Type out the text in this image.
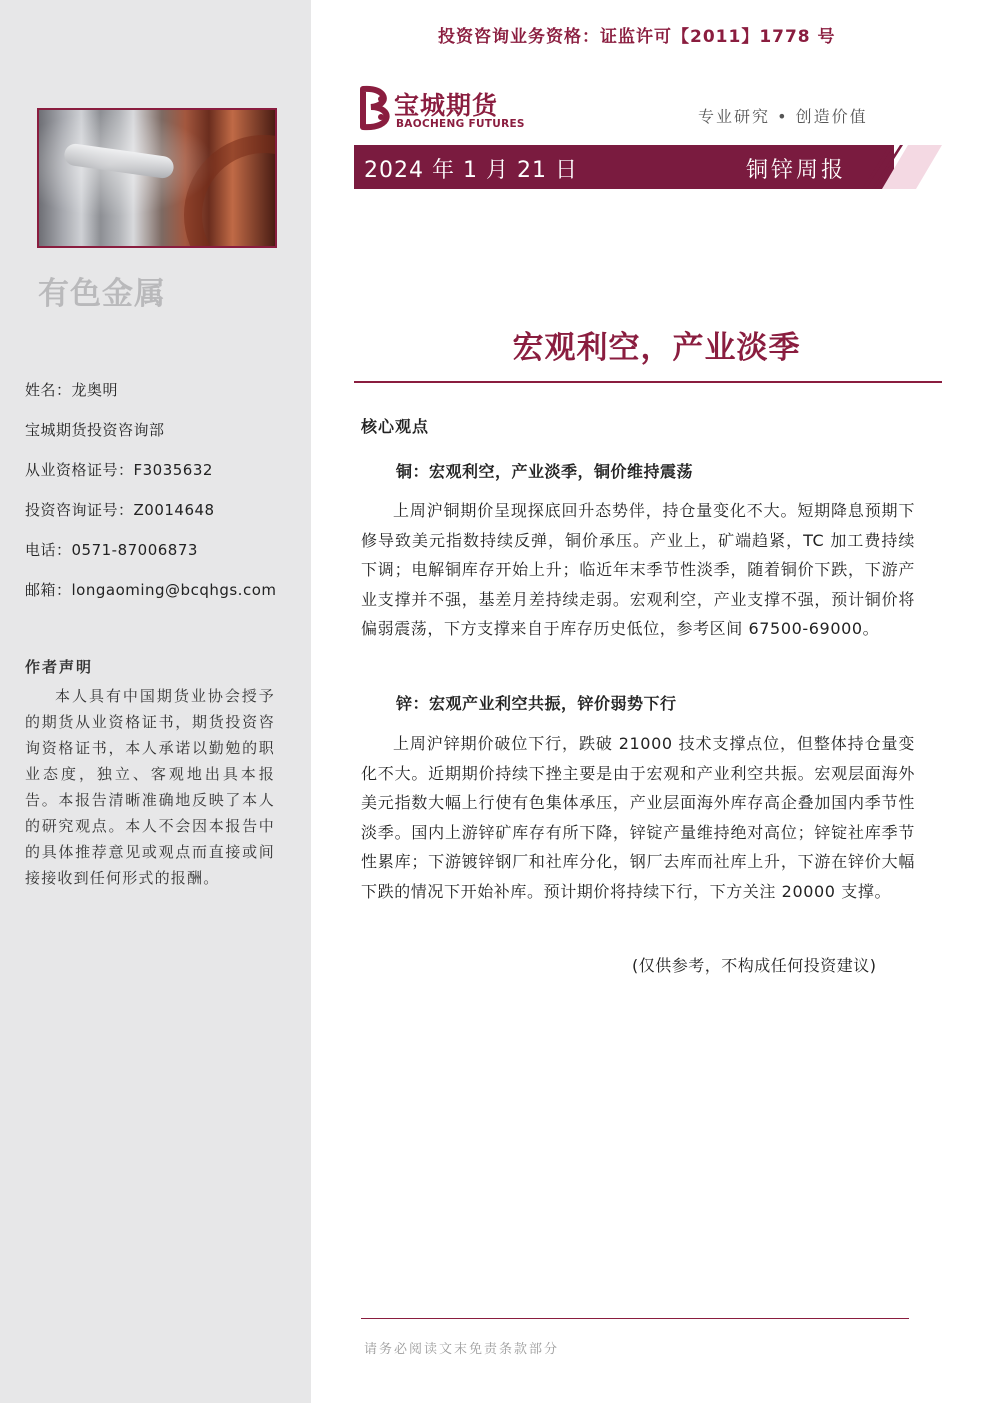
有色金属
姓名：龙奥明
宝城期货投资咨询部
从业资格证号：F3035632
投资咨询证号：Z0014648
电话：0571-87006873
邮箱：longaoming@bcqhgs.com
作者声明
本人具有中国期货业协会授予的期货从业资格证书，期货投资咨询资格证书，本人承诺以勤勉的职业态度，独立、客观地出具本报告。本报告清晰准确地反映了本人的研究观点。本人不会因本报告中的具体推荐意见或观点而直接或间接接收到任何形式的报酬。
投资咨询业务资格：证监许可【2011】1778 号
宝城期货
BAOCHENG FUTURES	专业研究 • 创造价值
2024 年 1 月 21 日	铜锌周报
宏观利空，产业淡季
核心观点
铜：宏观利空，产业淡季，铜价维持震荡
上周沪铜期价呈现探底回升态势伴，持仓量变化不大。短期降息预期下修导致美元指数持续反弹，铜价承压。产业上，矿端趋紧，TC 加工费持续下调；电解铜库存开始上升；临近年末季节性淡季，随着铜价下跌，下游产业支撑并不强，基差月差持续走弱。宏观利空，产业支撑不强，预计铜价将偏弱震荡，下方支撑来自于库存历史低位，参考区间 67500-69000。
锌：宏观产业利空共振，锌价弱势下行
上周沪锌期价破位下行，跌破 21000 技术支撑点位，但整体持仓量变化不大。近期期价持续下挫主要是由于宏观和产业利空共振。宏观层面海外美元指数大幅上行使有色集体承压，产业层面海外库存高企叠加国内季节性淡季。国内上游锌矿库存有所下降，锌锭产量维持绝对高位；锌锭社库季节性累库；下游镀锌钢厂和社库分化，钢厂去库而社库上升，下游在锌价大幅下跌的情况下开始补库。预计期价将持续下行，下方关注 20000 支撑。
(仅供参考，不构成任何投资建议)
请务必阅读文末免责条款部分
